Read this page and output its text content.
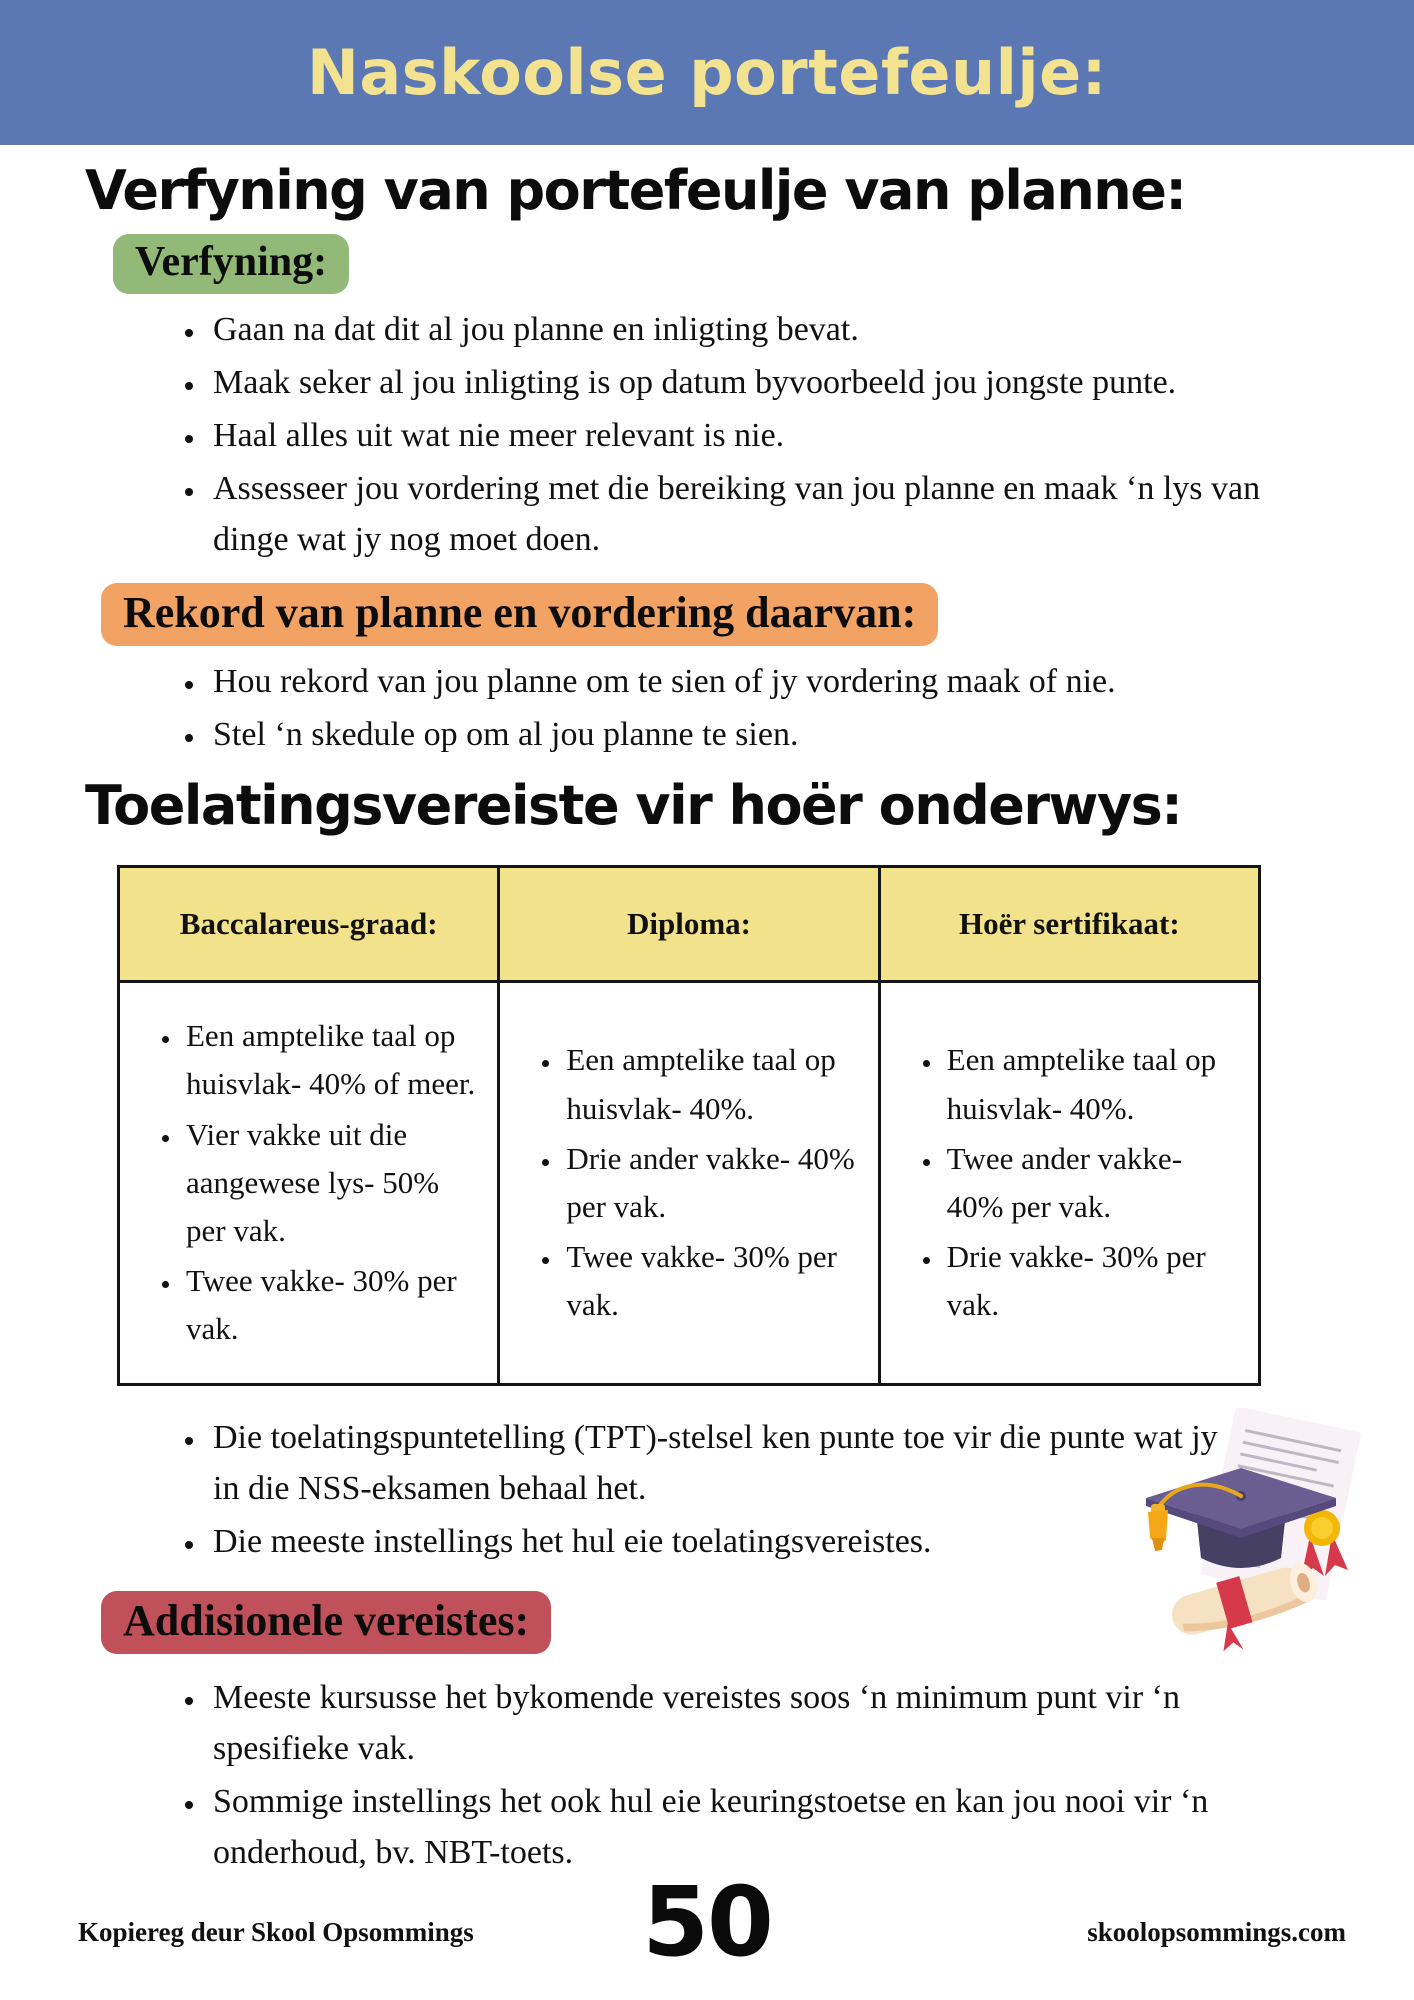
Naskoolse portefeulje:
Verfyning van portefeulje van planne:
Verfyning:
• Gaan na dat dit al jou planne en inligting bevat.
• Maak seker al jou inligting is op datum byvoorbeeld jou jongste punte.
• Haal alles uit wat nie meer relevant is nie.
• Assesseer jou vordering met die bereiking van jou planne en maak ‘n lys van dinge wat jy nog moet doen.
Rekord van planne en vordering daarvan:
• Hou rekord van jou planne om te sien of jy vordering maak of nie.
• Stel ‘n skedule op om al jou planne te sien.
Toelatingsvereiste vir hoër onderwys:
Baccalareus-graad:	Diploma:	Hoër sertifikaat:

• Een amptelike taal op huisvlak- 40% of meer.
• Vier vakke uit die aangewese lys- 50% per vak.
• Twee vakke- 30% per vak.

• Een amptelike taal op huisvlak- 40%.
• Drie ander vakke- 40% per vak.
• Twee vakke- 30% per vak.

• Een amptelike taal op huisvlak- 40%.
• Twee ander vakke- 40% per vak.
• Drie vakke- 30% per vak.
• Die toelatingspuntetelling (TPT)-stelsel ken punte toe vir die punte wat jy in die NSS-eksamen behaal het.
• Die meeste instellings het hul eie toelatingsvereistes.
Addisionele vereistes:
• Meeste kursusse het bykomende vereistes soos ‘n minimum punt vir ‘n spesifieke vak.
• Sommige instellings het ook hul eie keuringstoetse en kan jou nooi vir ‘n onderhoud, bv. NBT-toets.
Kopiereg deur Skool Opsommings	50	skoolopsommings.com
